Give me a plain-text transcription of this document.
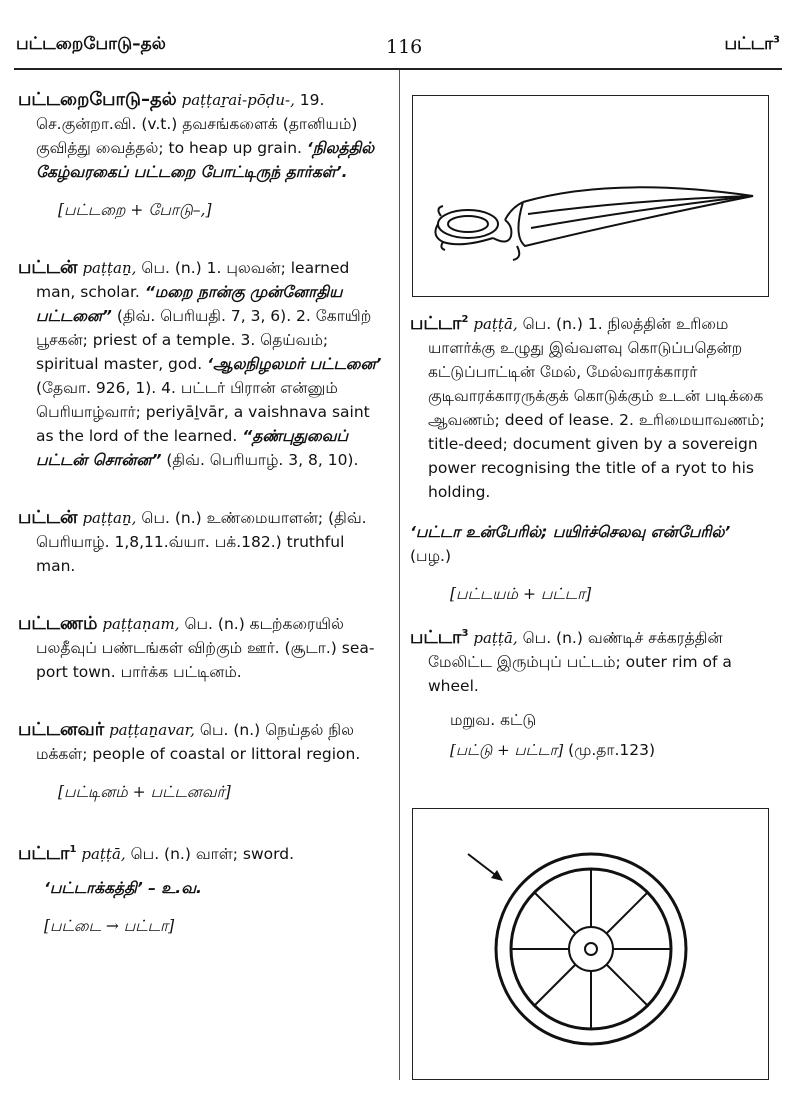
பட்டறைபோடு–தல்	116	பட்டா$^3$
பட்டறைபோடு–தல் paṭṭaṟai-pōḍu-, 19. செ.குன்றா.வி. (v.t.) தவசங்களைக் (தானியம்) குவித்து வைத்தல்; to heap up grain. ‘நிலத்தில் கேழ்வரகைப் பட்டறை போட்டிருந் தார்கள்’.
[பட்டறை + போடு–,]
பட்டன் paṭṭaṉ, பெ. (n.) 1. புலவன்; learned man, scholar. “மறை நான்கு முன்னோதிய பட்டனை” (திவ். பெரியதி. 7, 3, 6). 2. கோயிற் பூசகன்; priest of a temple. 3. தெய்வம்; spiritual master, god. ‘ஆலநிழலமர் பட்டனை’ (தேவா. 926, 1). 4. பட்டர் பிரான் என்னும் பெரியாழ்வார்; periyāḻvār, a vaishnava saint as the lord of the learned. “தண்புதுவைப் பட்டன் சொன்ன” (திவ். பெரியாழ். 3, 8, 10).
பட்டன் paṭṭaṉ, பெ. (n.) உண்மையாளன்; (திவ். பெரியாழ். 1,8,11.வ்யா. பக்.182.) truthful man.
பட்டணம் paṭṭaṇam, பெ. (n.) கடற்கரையில் பலதீவுப் பண்டங்கள் விற்கும் ஊர். (சூடா.) sea-port town. பார்க்க பட்டினம்.
பட்டனவர் paṭṭaṉavar, பெ. (n.) நெய்தல் நில மக்கள்; people of coastal or littoral region.
[பட்டினம் + பட்டனவர்]
பட்டா$^1$ paṭṭā, பெ. (n.) வாள்; sword.
‘பட்டாக்கத்தி’ – உ.வ.
[பட்டை → பட்டா]
பட்டா$^2$ paṭṭā, பெ. (n.) 1. நிலத்தின் உரிமை யாளர்க்கு உழுது இவ்வளவு கொடுப்பதென்ற கட்டுப்பாட்டின் மேல், மேல்வாரக்காரர் குடிவாரக்காரருக்குக் கொடுக்கும் உடன் படிக்கை ஆவணம்; deed of lease. 2. உரிமையாவணம்; title-deed; document given by a sovereign power recognising the title of a ryot to his holding.
‘பட்டா உன்பேரில்; பயிர்ச்செலவு என்பேரில்’ (பழ.)
[பட்டயம் + பட்டா]
பட்டா$^3$ paṭṭā, பெ. (n.) வண்டிச் சக்கரத்தின் மேலிட்ட இரும்புப் பட்டம்; outer rim of a wheel.
மறுவ. கட்டு
[பட்டு + பட்டா] (மு.தா.123)
